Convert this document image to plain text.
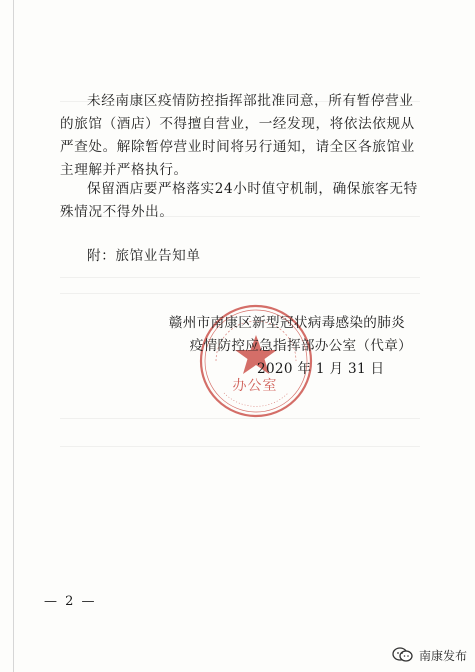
未经南康区疫情防控指挥部批准同意，所有暂停营业的旅馆（酒店）不得擅自营业，一经发现，将依法依规从严查处。解除暂停营业时间将另行通知，请全区各旅馆业主理解并严格执行。
保留酒店要严格落实24小时值守机制，确保旅客无特殊情况不得外出。
附：旅馆业告知单
赣州市南康区新型冠状病毒感染的肺炎
疫情防控应急指挥部办公室（代章）
2020 年 1 月 31 日
办公室
— 2 —
南康发布
